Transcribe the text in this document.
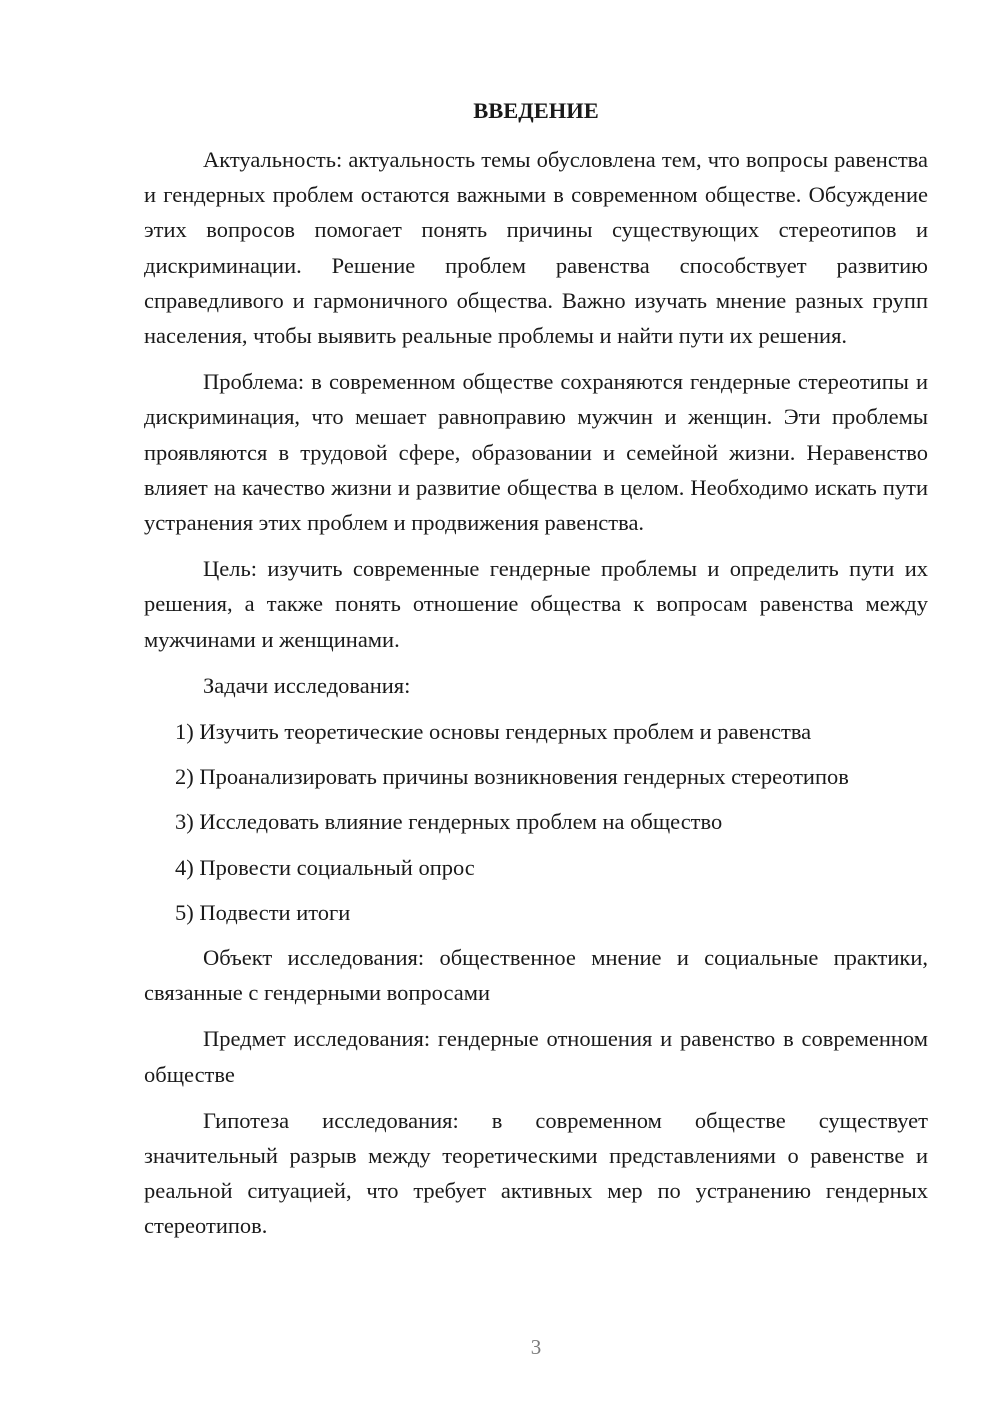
ВВЕДЕНИЕ

Актуальность: актуальность темы обусловлена тем, что вопросы равенства и гендерных проблем остаются важными в современном обществе. Обсуждение этих вопросов помогает понять причины существующих стереотипов и дискриминации. Решение проблем равенства способствует развитию справедливого и гармоничного общества. Важно изучать мнение разных групп населения, чтобы выявить реальные проблемы и найти пути их решения.

Проблема: в современном обществе сохраняются гендерные стереотипы и дискриминация, что мешает равноправию мужчин и женщин. Эти проблемы проявляются в трудовой сфере, образовании и семейной жизни. Неравенство влияет на качество жизни и развитие общества в целом. Необходимо искать пути устранения этих проблем и продвижения равенства.

Цель: изучить современные гендерные проблемы и определить пути их решения, а также понять отношение общества к вопросам равенства между мужчинами и женщинами.

Задачи исследования:

1) Изучить теоретические основы гендерных проблем и равенства

2) Проанализировать причины возникновения гендерных стереотипов

3) Исследовать влияние гендерных проблем на общество

4) Провести социальный опрос

5) Подвести итоги

Объект исследования: общественное мнение и социальные практики, связанные с гендерными вопросами

Предмет исследования: гендерные отношения и равенство в современном обществе

Гипотеза исследования: в современном обществе существует значительный разрыв между теоретическими представлениями о равенстве и реальной ситуацией, что требует активных мер по устранению гендерных стереотипов.

3
